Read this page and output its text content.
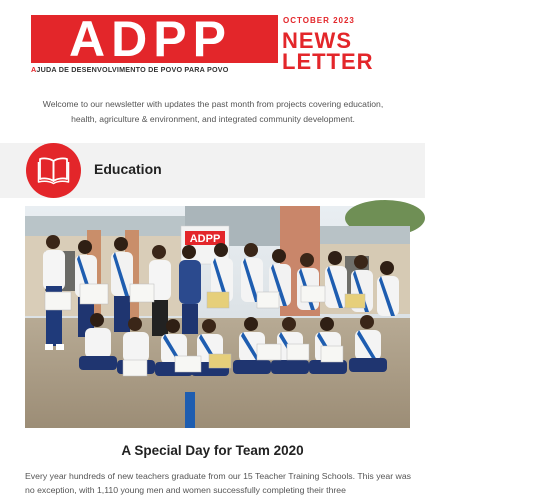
ADPP	ANGOLA
AJUDA DE DESENVOLVIMENTO DE POVO PARA POVO
OCTOBER 2023
NEWS
LETTER
Welcome to our newsletter with updates the past month from projects covering education, health, agriculture & environment, and integrated community development.
Education
ADPP
A Special Day for Team 2020
Every year hundreds of new teachers graduate from our 15 Teacher Training Schools. This year was no exception, with 1,110 young men and women successfully completing their three
